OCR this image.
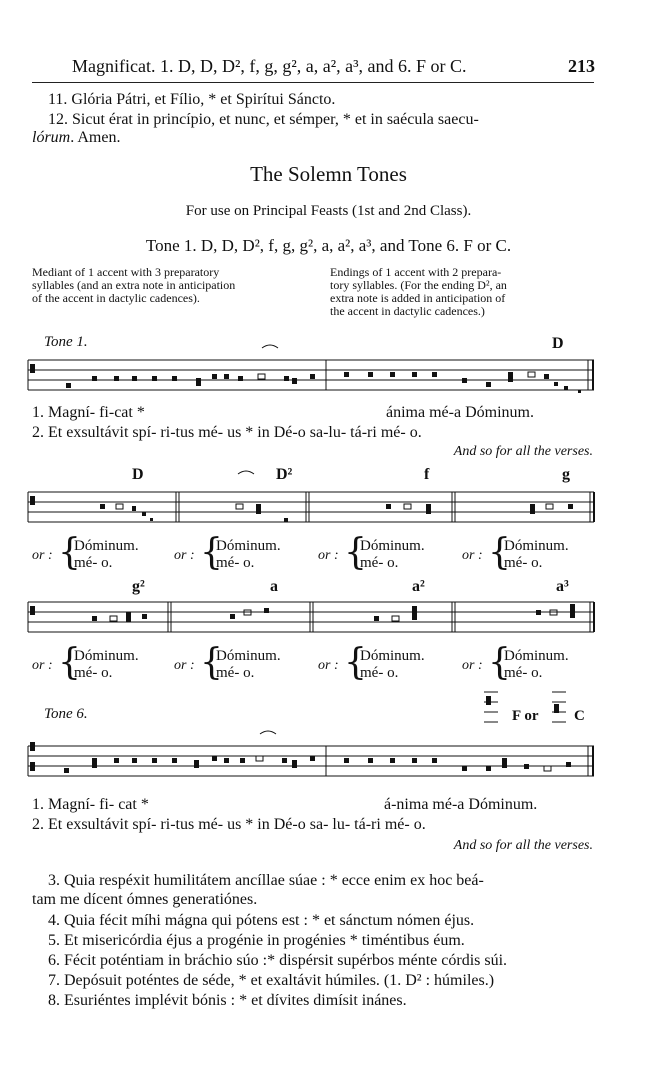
Magnificat. 1. D, D, D², f, g, g², a, a², a³, and 6. F or C.	213
11. Glória Pátri, et Fílio, * et Spirítui Sáncto.
12. Sicut érat in princípio, et nunc, et sémper, * et in saécula saecu-
lórum. Amen.
The Solemn Tones
For use on Principal Feasts (1st and 2nd Class).
Tone 1. D, D, D², f, g, g², a, a², a³, and Tone 6. F or C.
Mediant of 1 accent with 3 preparatory
syllables (and an extra note in anticipation
of the accent in dactylic cadences).
Endings of 1 accent with 2 prepara-
tory syllables. (For the ending D², an
extra note is added in anticipation of
the accent in dactylic cadences.)
Tone 1.	D
1. Magní- fi-cat *	ánima mé-a Dóminum.
2. Et exsultávit spí- ri-tus mé- us * in Dé-o sa-lu- tá-ri mé- o.
And so for all the verses.
D	D²	f	g
or : {
Dóminum.
mé- o.	or : {
Dóminum.
mé- o.	or : {
Dóminum.
mé- o.	or : {
Dóminum.
mé- o.
g²	a	a²	a³
or : {
Dóminum.
mé- o.	or : {
Dóminum.
mé- o.	or : {
Dóminum.
mé- o.	or : {
Dóminum.
mé- o.
Tone 6.	F or C
1. Magní- fi- cat *	á-nima mé-a Dóminum.
2. Et exsultávit spí- ri-tus mé- us * in Dé-o sa- lu- tá-ri mé- o.
And so for all the verses.
3. Quia respéxit humilitátem ancíllae súae : * ecce enim ex hoc beá-
tam me dícent ómnes generatiónes.
4. Quia fécit míhi mágna qui pótens est : * et sánctum nómen éjus.
5. Et misericórdia éjus a progénie in progénies * timéntibus éum.
6. Fécit poténtiam in bráchio súo :* dispérsit supérbos ménte córdis súi.
7. Depósuit poténtes de séde, * et exaltávit húmiles. (1. D² : húmiles.)
8. Esuriéntes implévit bónis : * et dívites dimísit inánes.
